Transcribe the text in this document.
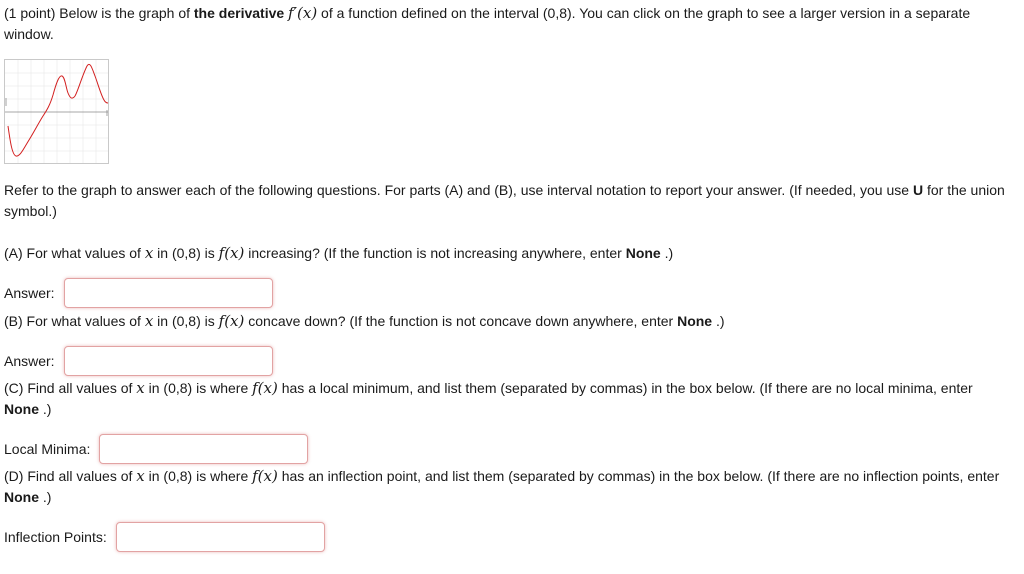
(1 point) Below is the graph of the derivative f′(x) of a function defined on the interval (0,8). You can click on the graph to see a larger version in a separate window.

Refer to the graph to answer each of the following questions. For parts (A) and (B), use interval notation to report your answer. (If needed, you use U for the union symbol.)

(A) For what values of x in (0,8) is f(x) increasing? (If the function is not increasing anywhere, enter None .)

Answer:

(B) For what values of x in (0,8) is f(x) concave down? (If the function is not concave down anywhere, enter None .)

Answer:

(C) Find all values of x in (0,8) is where f(x) has a local minimum, and list them (separated by commas) in the box below. (If there are no local minima, enter None .)

Local Minima:

(D) Find all values of x in (0,8) is where f(x) has an inflection point, and list them (separated by commas) in the box below. (If there are no inflection points, enter None .)

Inflection Points:
